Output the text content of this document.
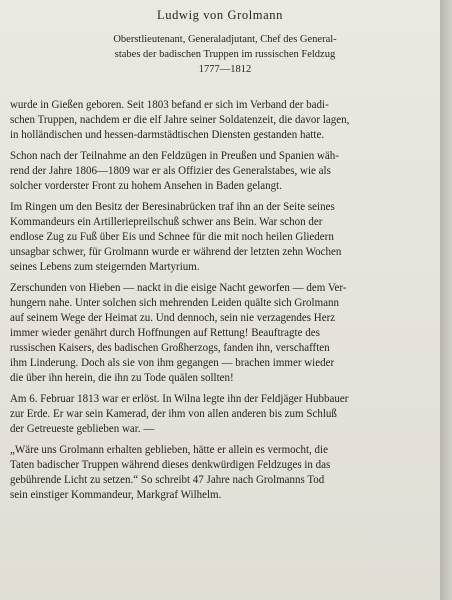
Ludwig von Grolmann
Oberstlieutenant, Generaladjutant, Chef des General-
stabes der badischen Truppen im russischen Feldzug
1777—1812
wurde in Gießen geboren. Seit 1803 befand er sich im Verband der badi-
schen Truppen, nachdem er die elf Jahre seiner Soldatenzeit, die davor lagen,
in holländischen und hessen-darmstädtischen Diensten gestanden hatte.
Schon nach der Teilnahme an den Feldzügen in Preußen und Spanien wäh-
rend der Jahre 1806—1809 war er als Offizier des Generalstabes, wie als
solcher vorderster Front zu hohem Ansehen in Baden gelangt.
Im Ringen um den Besitz der Beresinabrücken traf ihn an der Seite seines
Kommandeurs ein Artilleriepreilschuß schwer ans Bein. War schon der
endlose Zug zu Fuß über Eis und Schnee für die mit noch heilen Gliedern
unsagbar schwer, für Grolmann wurde er während der letzten zehn Wochen
seines Lebens zum steigernden Martyrium.
Zerschunden von Hieben — nackt in die eisige Nacht geworfen — dem Ver-
hungern nahe. Unter solchen sich mehrenden Leiden quälte sich Grolmann
auf seinem Wege der Heimat zu. Und dennoch, sein nie verzagendes Herz
immer wieder genährt durch Hoffnungen auf Rettung! Beauftragte des
russischen Kaisers, des badischen Großherzogs, fanden ihn, verschafften
ihm Linderung. Doch als sie von ihm gegangen — brachen immer wieder
die über ihn herein, die ihn zu Tode quälen sollten!
Am 6. Februar 1813 war er erlöst. In Wilna legte ihn der Feldjäger Hubbauer
zur Erde. Er war sein Kamerad, der ihm von allen anderen bis zum Schluß
der Getreueste geblieben war. —
„Wäre uns Grolmann erhalten geblieben, hätte er allein es vermocht, die
Taten badischer Truppen während dieses denkwürdigen Feldzuges in das
gebührende Licht zu setzen.“ So schreibt 47 Jahre nach Grolmanns Tod
sein einstiger Kommandeur, Markgraf Wilhelm.
